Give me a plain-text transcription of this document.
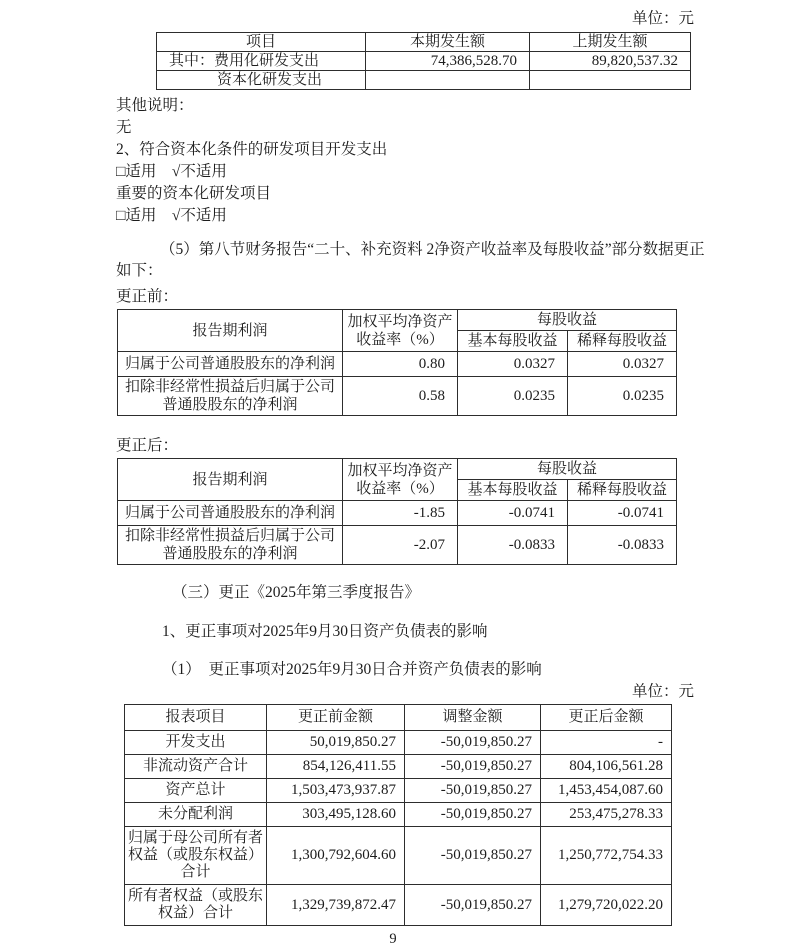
单位：元
项目	本期发生额	上期发生额
其中：费用化研发支出	74,386,528.70	89,820,537.32
资本化研发支出		
其他说明：
无
2、符合资本化条件的研发项目开发支出
□适用　√不适用
重要的资本化研发项目
□适用　√不适用
（5）第八节财务报告“二十、补充资料 2净资产收益率及每股收益”部分数据更正如下：
更正前：
报告期利润	加权平均净资产收益率（%）	每股收益	
		基本每股收益	稀释每股收益
归属于公司普通股股东的净利润	0.80	0.0327	0.0327
扣除非经常性损益后归属于公司普通股股东的净利润	0.58	0.0235	0.0235
更正后：
报告期利润	加权平均净资产收益率（%）	每股收益	
		基本每股收益	稀释每股收益
归属于公司普通股股东的净利润	-1.85	-0.0741	-0.0741
扣除非经常性损益后归属于公司普通股股东的净利润	-2.07	-0.0833	-0.0833
（三）更正《2025年第三季度报告》
1、更正事项对2025年9月30日资产负债表的影响
（1）　更正事项对2025年9月30日合并资产负债表的影响
单位：元
报表项目	更正前金额	调整金额	更正后金额
开发支出	50,019,850.27	-50,019,850.27	-
非流动资产合计	854,126,411.55	-50,019,850.27	804,106,561.28
资产总计	1,503,473,937.87	-50,019,850.27	1,453,454,087.60
未分配利润	303,495,128.60	-50,019,850.27	253,475,278.33
归属于母公司所有者权益（或股东权益）合计	1,300,792,604.60	-50,019,850.27	1,250,772,754.33
所有者权益（或股东权益）合计	1,329,739,872.47	-50,019,850.27	1,279,720,022.20
9
